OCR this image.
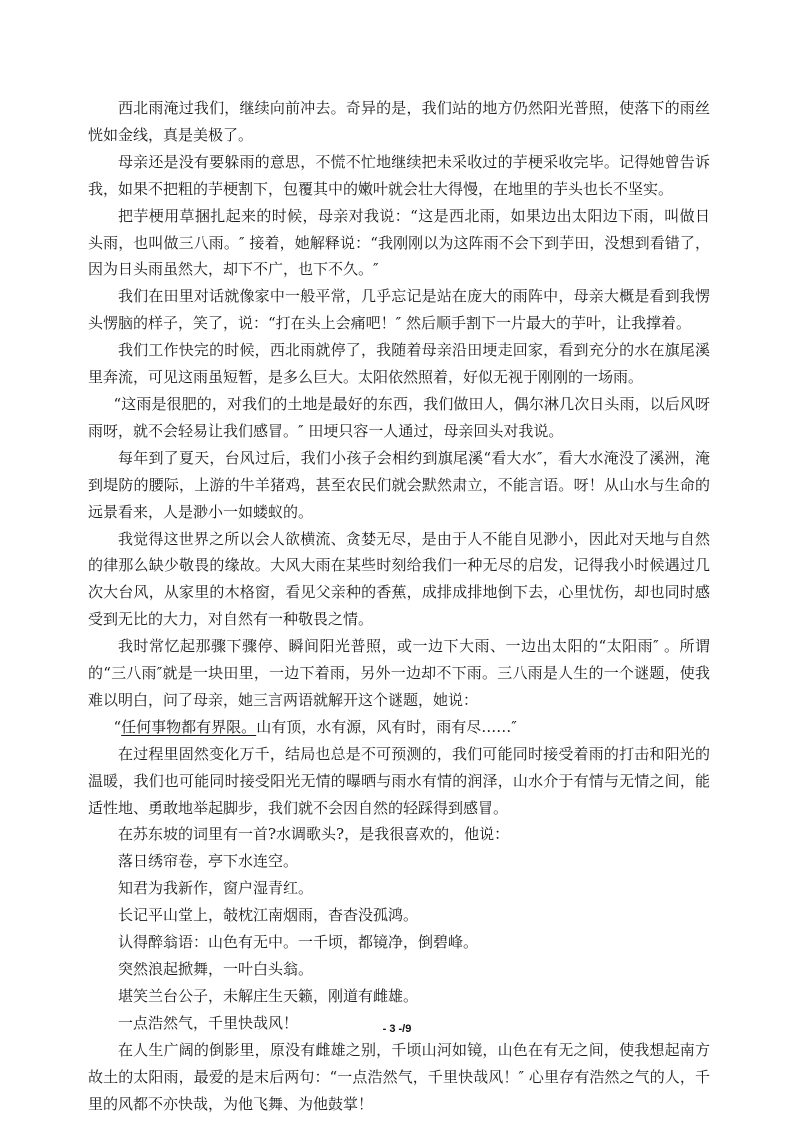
西北雨淹过我们，继续向前冲去。奇异的是，我们站的地方仍然阳光普照，使落下的雨丝恍如金线，真是美极了。

母亲还是没有要躲雨的意思，不慌不忙地继续把未采收过的芋梗采收完毕。记得她曾告诉我，如果不把粗的芋梗割下，包覆其中的嫩叶就会壮大得慢，在地里的芋头也长不坚实。

把芋梗用草捆扎起来的时候，母亲对我说：“这是西北雨，如果边出太阳边下雨，叫做日头雨，也叫做三八雨。″ 接着，她解释说：“我刚刚以为这阵雨不会下到芋田，没想到看错了，因为日头雨虽然大，却下不广，也下不久。″

我们在田里对话就像家中一般平常，几乎忘记是站在庞大的雨阵中，母亲大概是看到我愣头愣脑的样子，笑了，说：“打在头上会痛吧！″ 然后顺手割下一片最大的芋叶，让我撑着。

我们工作快完的时候，西北雨就停了，我随着母亲沿田埂走回家，看到充分的水在旗尾溪里奔流，可见这雨虽短暂，是多么巨大。太阳依然照着，好似无视于刚刚的一场雨。

“这雨是很肥的，对我们的土地是最好的东西，我们做田人，偶尔淋几次日头雨，以后风呀雨呀，就不会轻易让我们感冒。″ 田埂只容一人通过，母亲回头对我说。

每年到了夏天，台风过后，我们小孩子会相约到旗尾溪“看大水″，看大水淹没了溪洲，淹到堤防的腰际，上游的牛羊猪鸡，甚至农民们就会默然肃立，不能言语。呀！从山水与生命的远景看来，人是渺小一如蝼蚁的。

我觉得这世界之所以会人欲横流、贪婪无尽，是由于人不能自见渺小，因此对天地与自然的律那么缺少敬畏的缘故。大风大雨在某些时刻给我们一种无尽的启发，记得我小时候遇过几次大台风，从家里的木格窗，看见父亲种的香蕉，成排成排地倒下去，心里忧伤，却也同时感受到无比的大力，对自然有一种敬畏之情。

我时常忆起那骤下骤停、瞬间阳光普照，或一边下大雨、一边出太阳的“太阳雨″ 。所谓的“三八雨″就是一块田里，一边下着雨，另外一边却不下雨。三八雨是人生的一个谜题，使我难以明白，问了母亲，她三言两语就解开这个谜题，她说：

“任何事物都有界限。山有顶，水有源，风有时，雨有尽……″

在过程里固然变化万千，结局也总是不可预测的，我们可能同时接受着雨的打击和阳光的温暖，我们也可能同时接受阳光无情的曝晒与雨水有情的润泽，山水介于有情与无情之间，能适性地、勇敢地举起脚步，我们就不会因自然的轻踩得到感冒。

在苏东坡的词里有一首?水调歌头?，是我很喜欢的，他说：

落日绣帘卷，亭下水连空。

知君为我新作，窗户湿青红。

长记平山堂上，攲枕江南烟雨，杳杳没孤鸿。

认得醉翁语：山色有无中。一千顷，都镜净，倒碧峰。

突然浪起掀舞，一叶白头翁。

堪笑兰台公子，未解庄生天籁，刚道有雌雄。

一点浩然气，千里快哉风！

在人生广阔的倒影里，原没有雌雄之别，千顷山河如镜，山色在有无之间，使我想起南方故土的太阳雨，最爱的是末后两句：“一点浩然气，千里快哉风！″ 心里存有浩然之气的人，千里的风都不亦快哉，为他飞舞、为他鼓掌！

- 3 -/9
